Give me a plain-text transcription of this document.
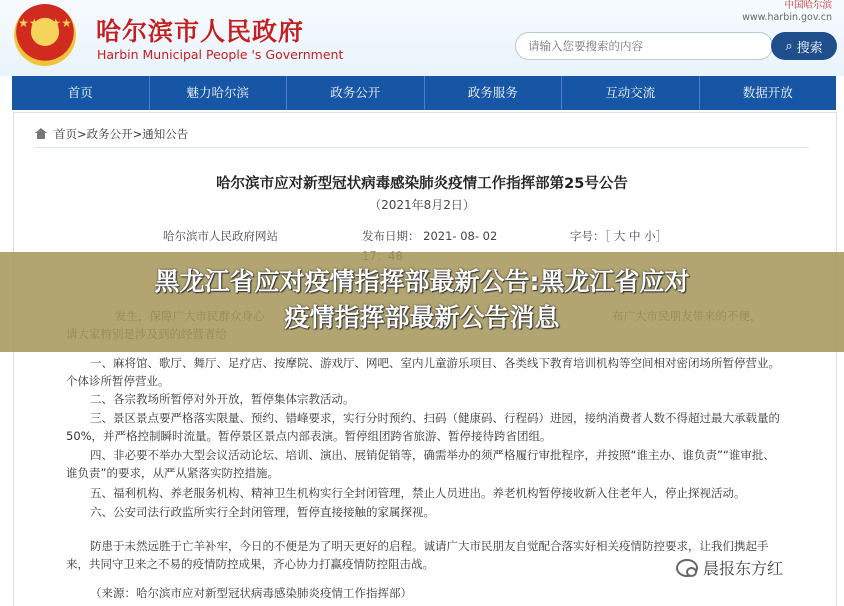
★★★★★ 哈尔滨市人民政府
Harbin Municipal People 's Government
中国哈尔滨
www.harbin.gov.cn
请输入您要搜索的内容
⌕ 搜索
首页	魅力哈尔滨	政务公开	政务服务	互动交流	数据开放
首页>政务公开>通知公告
哈尔滨市应对新型冠状病毒感染肺炎疫情工作指挥部第25号公告
（2021年8月2日）
哈尔滨市人民政府网站	发布日期： 2021- 08- 02	字号：［ 大 中 小］
黑龙江省应对疫情指挥部最新公告:黑龙江省应对
疫情指挥部最新公告消息
一、麻将馆、歌厅、舞厅、足疗店、按摩院、游戏厅、网吧、室内儿童游乐项目、各类线下教育培训机构等空间相对密闭场所暂停营业。个体诊所暂停营业。
二、各宗教场所暂停对外开放，暂停集体宗教活动。
三、景区景点要严格落实限量、预约、错峰要求，实行分时预约、扫码（健康码、行程码）进园，接纳消费者人数不得超过最大承载量的50%，并严格控制瞬时流量。暂停景区景点内部表演。暂停组团跨省旅游、暂停接待跨省团组。
四、非必要不举办大型会议活动论坛、培训、演出、展销促销等，确需举办的须严格履行审批程序，并按照“谁主办、谁负责”“谁审批、谁负责”的要求，从严从紧落实防控措施。
五、福利机构、养老服务机构、精神卫生机构实行全封闭管理，禁止人员进出。养老机构暂停接收新入住老年人，停止探视活动。
六、公安司法行政监所实行全封闭管理，暂停直接接触的家属探视。
防患于未然远胜于亡羊补牢，今日的不便是为了明天更好的启程。诚请广大市民朋友自觉配合落实好相关疫情防控要求，让我们携起手来，共同守卫来之不易的疫情防控成果，齐心协力打赢疫情防控阻击战。
（来源：哈尔滨市应对新型冠状病毒感染肺炎疫情工作指挥部）
晨报东方红
